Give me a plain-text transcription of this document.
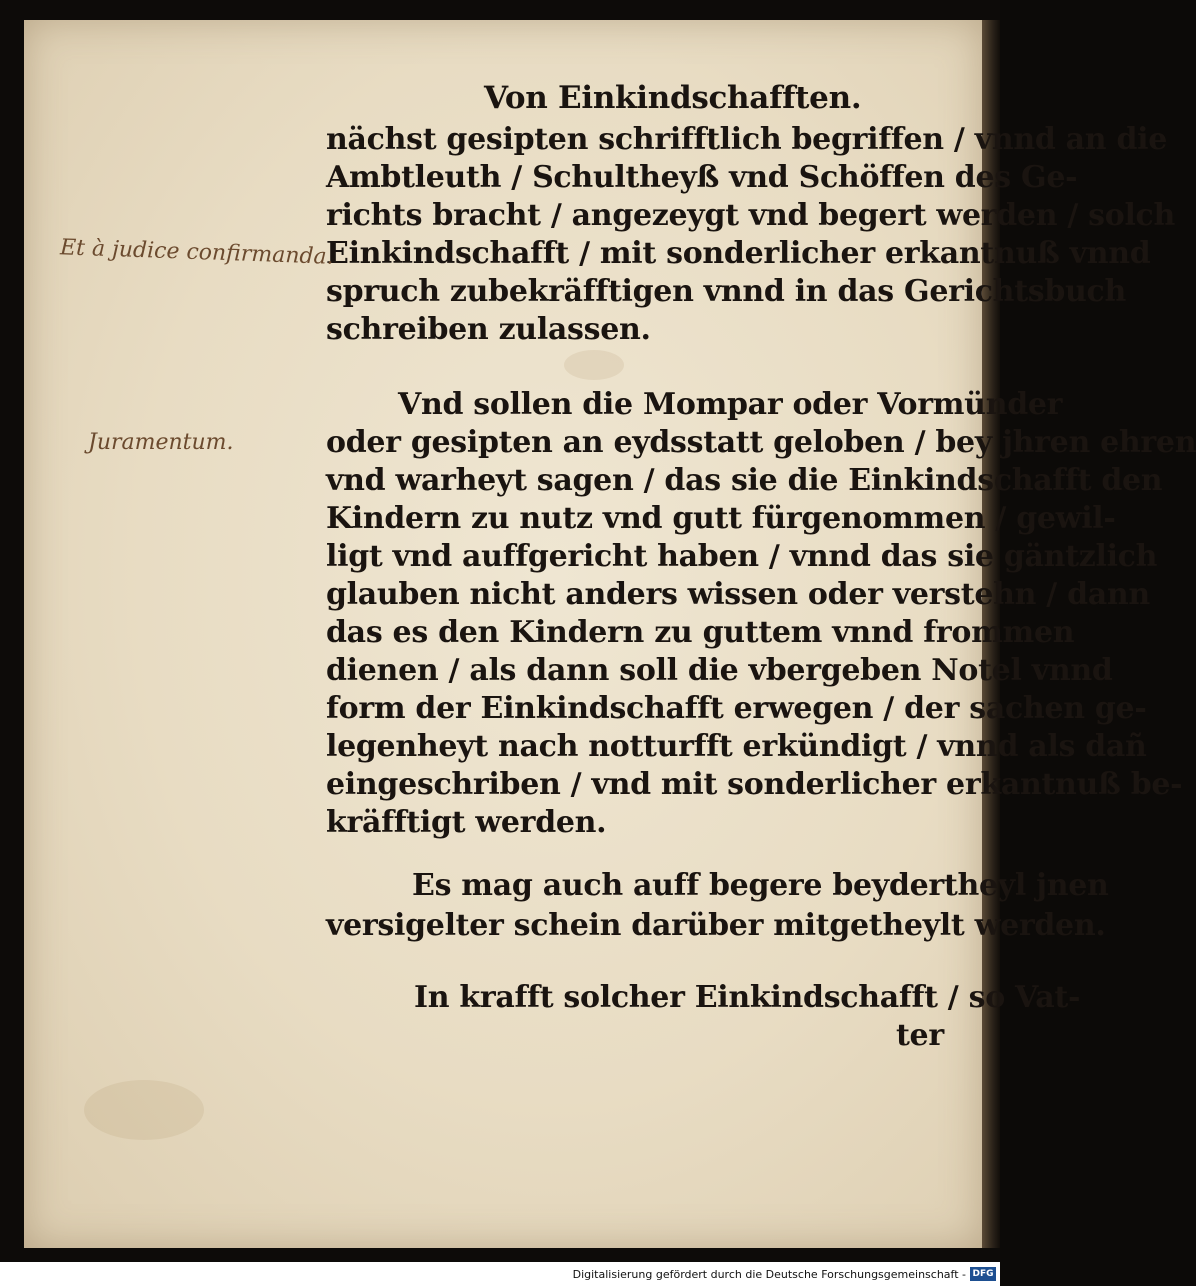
Von Einkindschafften.
nächst gesipten schrifftlich begriffen / vnnd an die
Ambtleuth / Schultheyß vnd Schöffen des Ge-
richts bracht / angezeygt vnd begert werden / solch
Einkindschafft / mit sonderlicher erkantnuß vnnd
spruch zubekräfftigen vnnd in das Gerichtsbuch
schreiben zulassen.
Vnd sollen die Mompar oder Vormünder
oder gesipten an eydsstatt geloben / bey jhren ehren
vnd warheyt sagen / das sie die Einkindschafft den
Kindern zu nutz vnd gutt fürgenommen / gewil-
ligt vnd auffgericht haben / vnnd das sie gäntzlich
glauben nicht anders wissen oder verstehn / dann
das es den Kindern zu guttem vnnd frommen
dienen / als dann soll die vbergeben Notel vnnd
form der Einkindschafft erwegen / der sachen ge-
legenheyt nach notturfft erkündigt / vnnd als dañ
eingeschriben / vnd mit sonderlicher erkantnuß be-
kräfftigt werden.
Es mag auch auff begere beydertheyl jnen
versigelter schein darüber mitgetheylt werden.
In krafft solcher Einkindschafft / so Vat-
ter
Et à judice confirmanda.
Juramentum.
Digitalisierung gefördert durch die Deutsche Forschungsgemeinschaft - DFG
